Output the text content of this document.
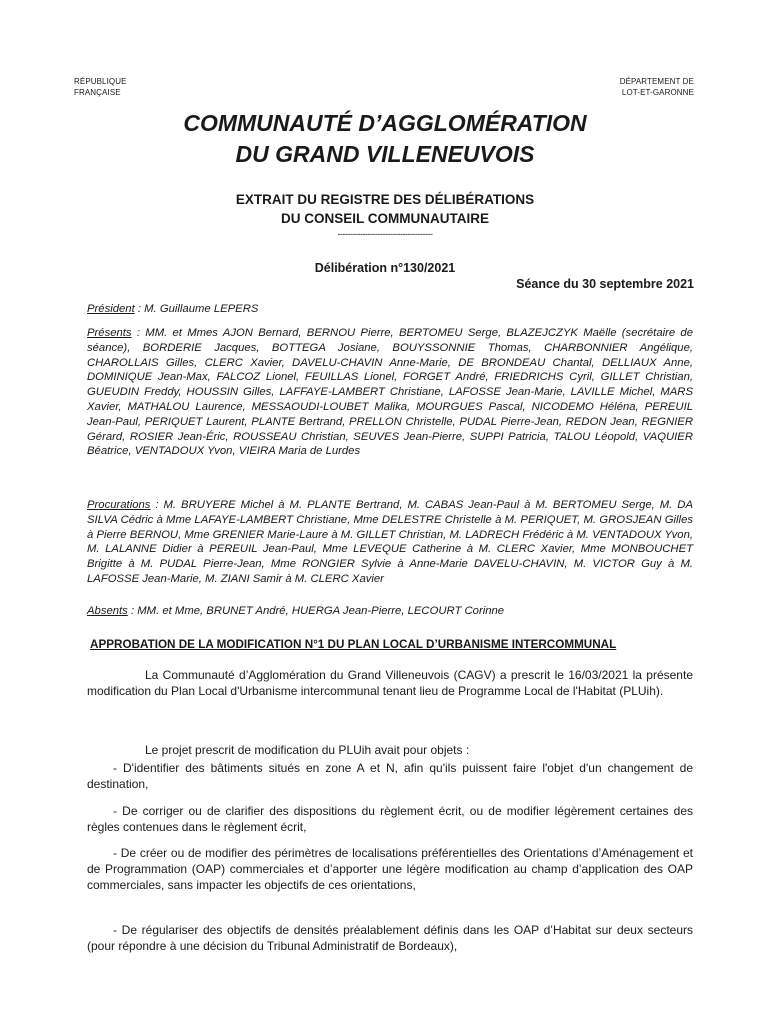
RÉPUBLIQUE
FRANÇAISE
DÉPARTEMENT DE
LOT-ET-GARONNE
COMMUNAUTÉ D’AGGLOMÉRATION
DU GRAND VILLENEUVOIS
EXTRAIT DU REGISTRE DES DÉLIBÉRATIONS
DU CONSEIL COMMUNAUTAIRE
--------------------------------------
Délibération n°130/2021
Séance du 30 septembre 2021
Président : M. Guillaume LEPERS
Présents : MM. et Mmes AJON Bernard, BERNOU Pierre, BERTOMEU Serge, BLAZEJCZYK Maëlle (secrétaire de séance), BORDERIE Jacques, BOTTEGA Josiane, BOUYSSONNIE Thomas, CHARBONNIER Angélique, CHAROLLAIS Gilles, CLERC Xavier, DAVELU-CHAVIN Anne-Marie, DE BRONDEAU Chantal, DELLIAUX Anne, DOMINIQUE Jean-Max, FALCOZ Lionel, FEUILLAS Lionel, FORGET André, FRIEDRICHS Cyril, GILLET Christian, GUEUDIN Freddy, HOUSSIN Gilles, LAFFAYE-LAMBERT Christiane, LAFOSSE Jean-Marie, LAVILLE Michel, MARS Xavier, MATHALOU Laurence, MESSAOUDI-LOUBET Malika, MOURGUES Pascal, NICODEMO Héléna, PEREUIL Jean-Paul, PERIQUET Laurent, PLANTE Bertrand, PRELLON Christelle, PUDAL Pierre-Jean, REDON Jean, REGNIER Gérard, ROSIER Jean-Éric, ROUSSEAU Christian, SEUVES Jean-Pierre, SUPPI Patricia, TALOU Léopold, VAQUIER Béatrice, VENTADOUX Yvon, VIEIRA Maria de Lurdes
Procurations : M. BRUYERE Michel à M. PLANTE Bertrand, M. CABAS Jean-Paul à M. BERTOMEU Serge, M. DA SILVA Cédric à Mme LAFAYE-LAMBERT Christiane, Mme DELESTRE Christelle à M. PERIQUET, M. GROSJEAN Gilles à Pierre BERNOU, Mme GRENIER Marie-Laure à M. GILLET Christian, M. LADRECH Frédéric à M. VENTADOUX Yvon, M. LALANNE Didier à PEREUIL Jean-Paul, Mme LEVEQUE Catherine à M. CLERC Xavier, Mme MONBOUCHET Brigitte à M. PUDAL Pierre-Jean, Mme RONGIER Sylvie à Anne-Marie DAVELU-CHAVIN, M. VICTOR Guy à M. LAFOSSE Jean-Marie, M. ZIANI Samir à M. CLERC Xavier
Absents : MM. et Mme, BRUNET André, HUERGA Jean-Pierre, LECOURT Corinne
APPROBATION DE LA MODIFICATION N°1 DU PLAN LOCAL D’URBANISME INTERCOMMUNAL
La Communauté d’Agglomération du Grand Villeneuvois (CAGV) a prescrit le 16/03/2021 la présente modification du Plan Local d'Urbanisme intercommunal tenant lieu de Programme Local de l'Habitat (PLUih).
Le projet prescrit de modification du PLUih avait pour objets :
- D'identifier des bâtiments situés en zone A et N, afin qu'ils puissent faire l'objet d'un changement de destination,
- De corriger ou de clarifier des dispositions du règlement écrit, ou de modifier légèrement certaines des règles contenues dans le règlement écrit,
- De créer ou de modifier des périmètres de localisations préférentielles des Orientations d’Aménagement et de Programmation (OAP) commerciales et d’apporter une légère modification au champ d’application des OAP commerciales, sans impacter les objectifs de ces orientations,
- De régulariser des objectifs de densités préalablement définis dans les OAP d’Habitat sur deux secteurs (pour répondre à une décision du Tribunal Administratif de Bordeaux),
